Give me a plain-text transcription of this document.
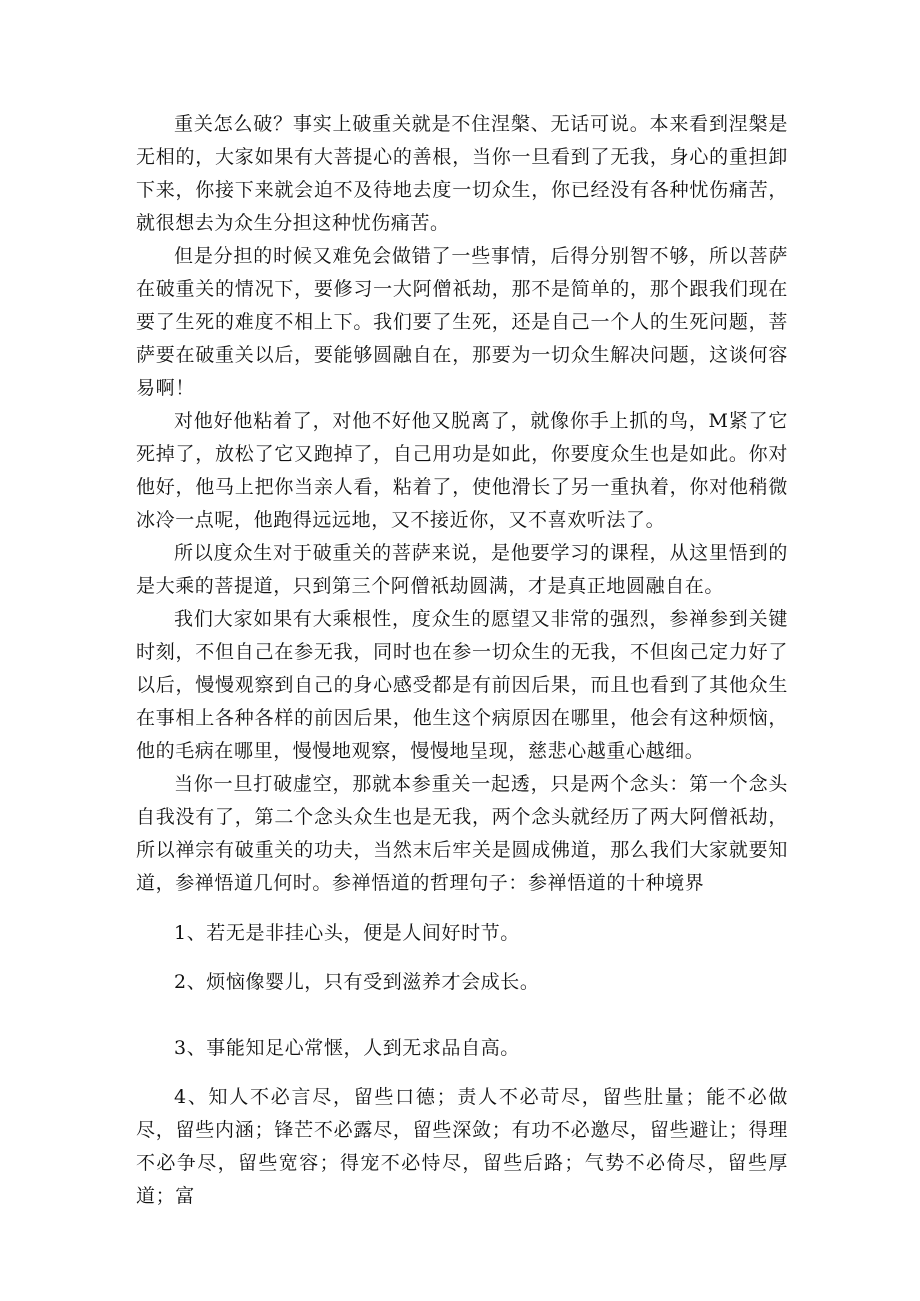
重关怎么破？事实上破重关就是不住涅槃、无话可说。本来看到涅槃是无相的，大家如果有大菩提心的善根，当你一旦看到了无我，身心的重担卸下来，你接下来就会迫不及待地去度一切众生，你已经没有各种忧伤痛苦，就很想去为众生分担这种忧伤痛苦。

但是分担的时候又难免会做错了一些事情，后得分别智不够，所以菩萨在破重关的情况下，要修习一大阿僧祇劫，那不是简单的，那个跟我们现在要了生死的难度不相上下。我们要了生死，还是自己一个人的生死问题，菩萨要在破重关以后，要能够圆融自在，那要为一切众生解决问题，这谈何容易啊！

对他好他粘着了，对他不好他又脱离了，就像你手上抓的鸟，M紧了它死掉了，放松了它又跑掉了，自己用功是如此，你要度众生也是如此。你对他好，他马上把你当亲人看，粘着了，使他滑长了另一重执着，你对他稍微冰冷一点呢，他跑得远远地，又不接近你，又不喜欢听法了。

所以度众生对于破重关的菩萨来说，是他要学习的课程，从这里悟到的是大乘的菩提道，只到第三个阿僧祇劫圆满，才是真正地圆融自在。

我们大家如果有大乘根性，度众生的愿望又非常的强烈，参禅参到关键时刻，不但自己在参无我，同时也在参一切众生的无我，不但囱己定力好了以后，慢慢观察到自己的身心感受都是有前因后果，而且也看到了其他众生在事相上各种各样的前因后果，他生这个病原因在哪里，他会有这种烦恼，他的毛病在哪里，慢慢地观察，慢慢地呈现，慈悲心越重心越细。

当你一旦打破虚空，那就本参重关一起透，只是两个念头：第一个念头自我没有了，第二个念头众生也是无我，两个念头就经历了两大阿僧祇劫，所以禅宗有破重关的功夫，当然末后牢关是圆成佛道，那么我们大家就要知道，参禅悟道几何时。参禅悟道的哲理句子：参禅悟道的十种境界

1、若无是非挂心头，便是人间好时节。

2、烦恼像婴儿，只有受到滋养才会成长。

3、事能知足心常惬，人到无求品自高。

4、知人不必言尽，留些口德；责人不必苛尽，留些肚量；能不必做尽，留些内涵；锋芒不必露尽，留些深敛；有功不必邀尽，留些避让；得理不必争尽，留些宽容；得宠不必恃尽，留些后路；气势不必倚尽，留些厚道；富
